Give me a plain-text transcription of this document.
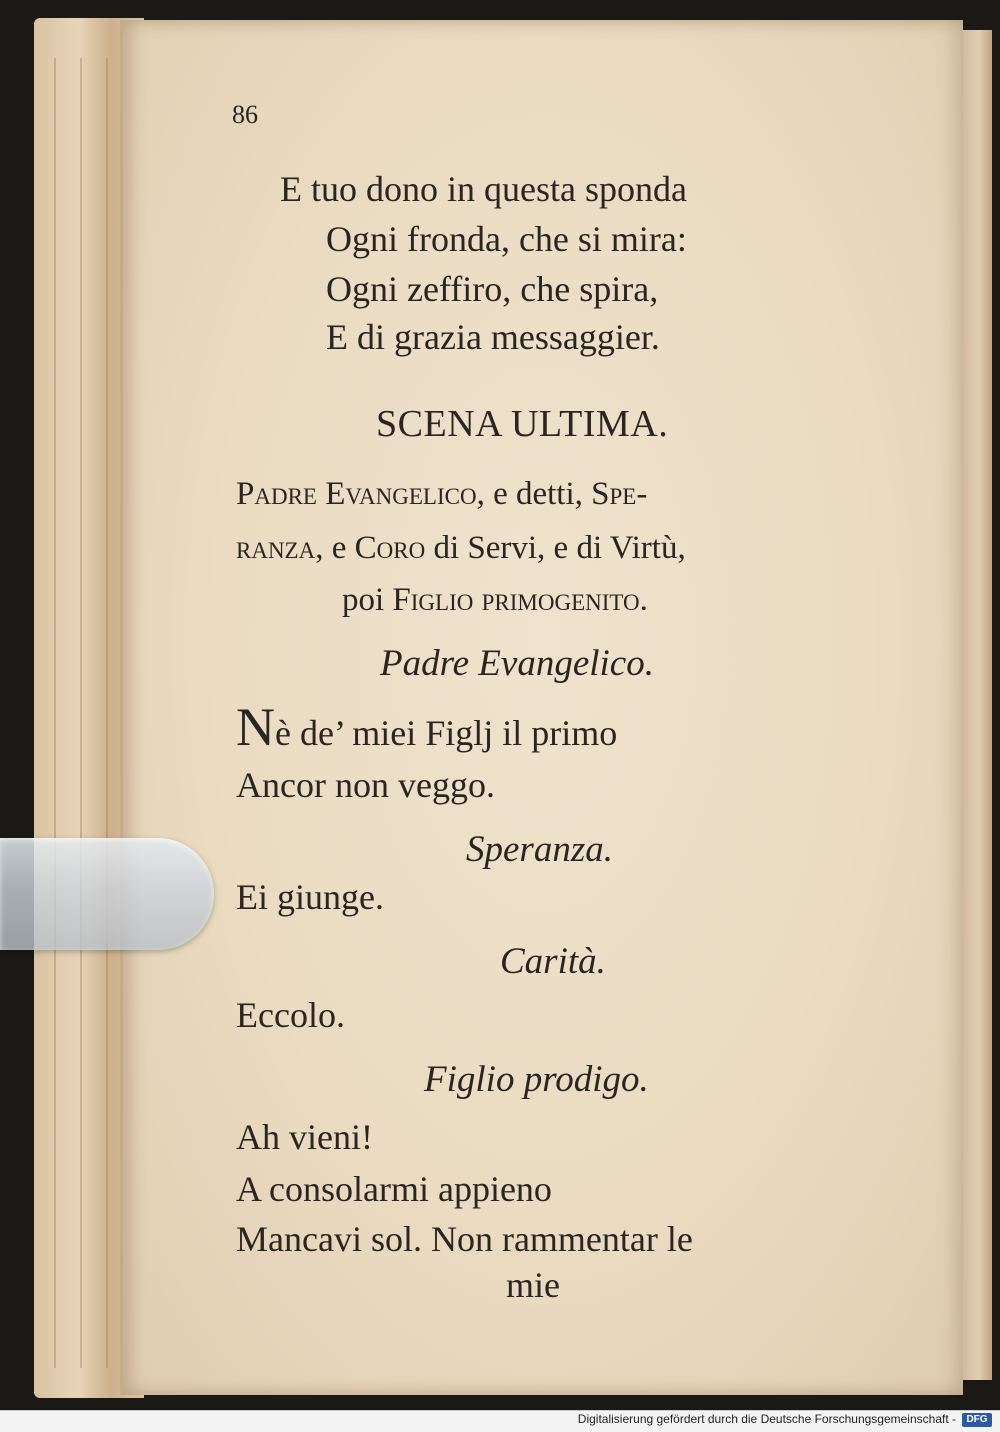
86
E tuo dono in questa sponda
Ogni fronda, che si mira:
Ogni zeffiro, che spira,
E di grazia messaggier.
SCENA ULTIMA.
Padre Evangelico, e detti, Spe-
ranza, e Coro di Servi, e di Virtù,
poi Figlio primogenito.
Padre Evangelico.
Nè de’ miei Figlj il primo
Ancor non veggo.
Speranza.
Ei giunge.
Carità.
Eccolo.
Figlio prodigo.
Ah vieni!
A consolarmi appieno
Mancavi sol. Non rammentar le
mie
Digitalisierung gefördert durch die Deutsche Forschungsgemeinschaft -	DFG
